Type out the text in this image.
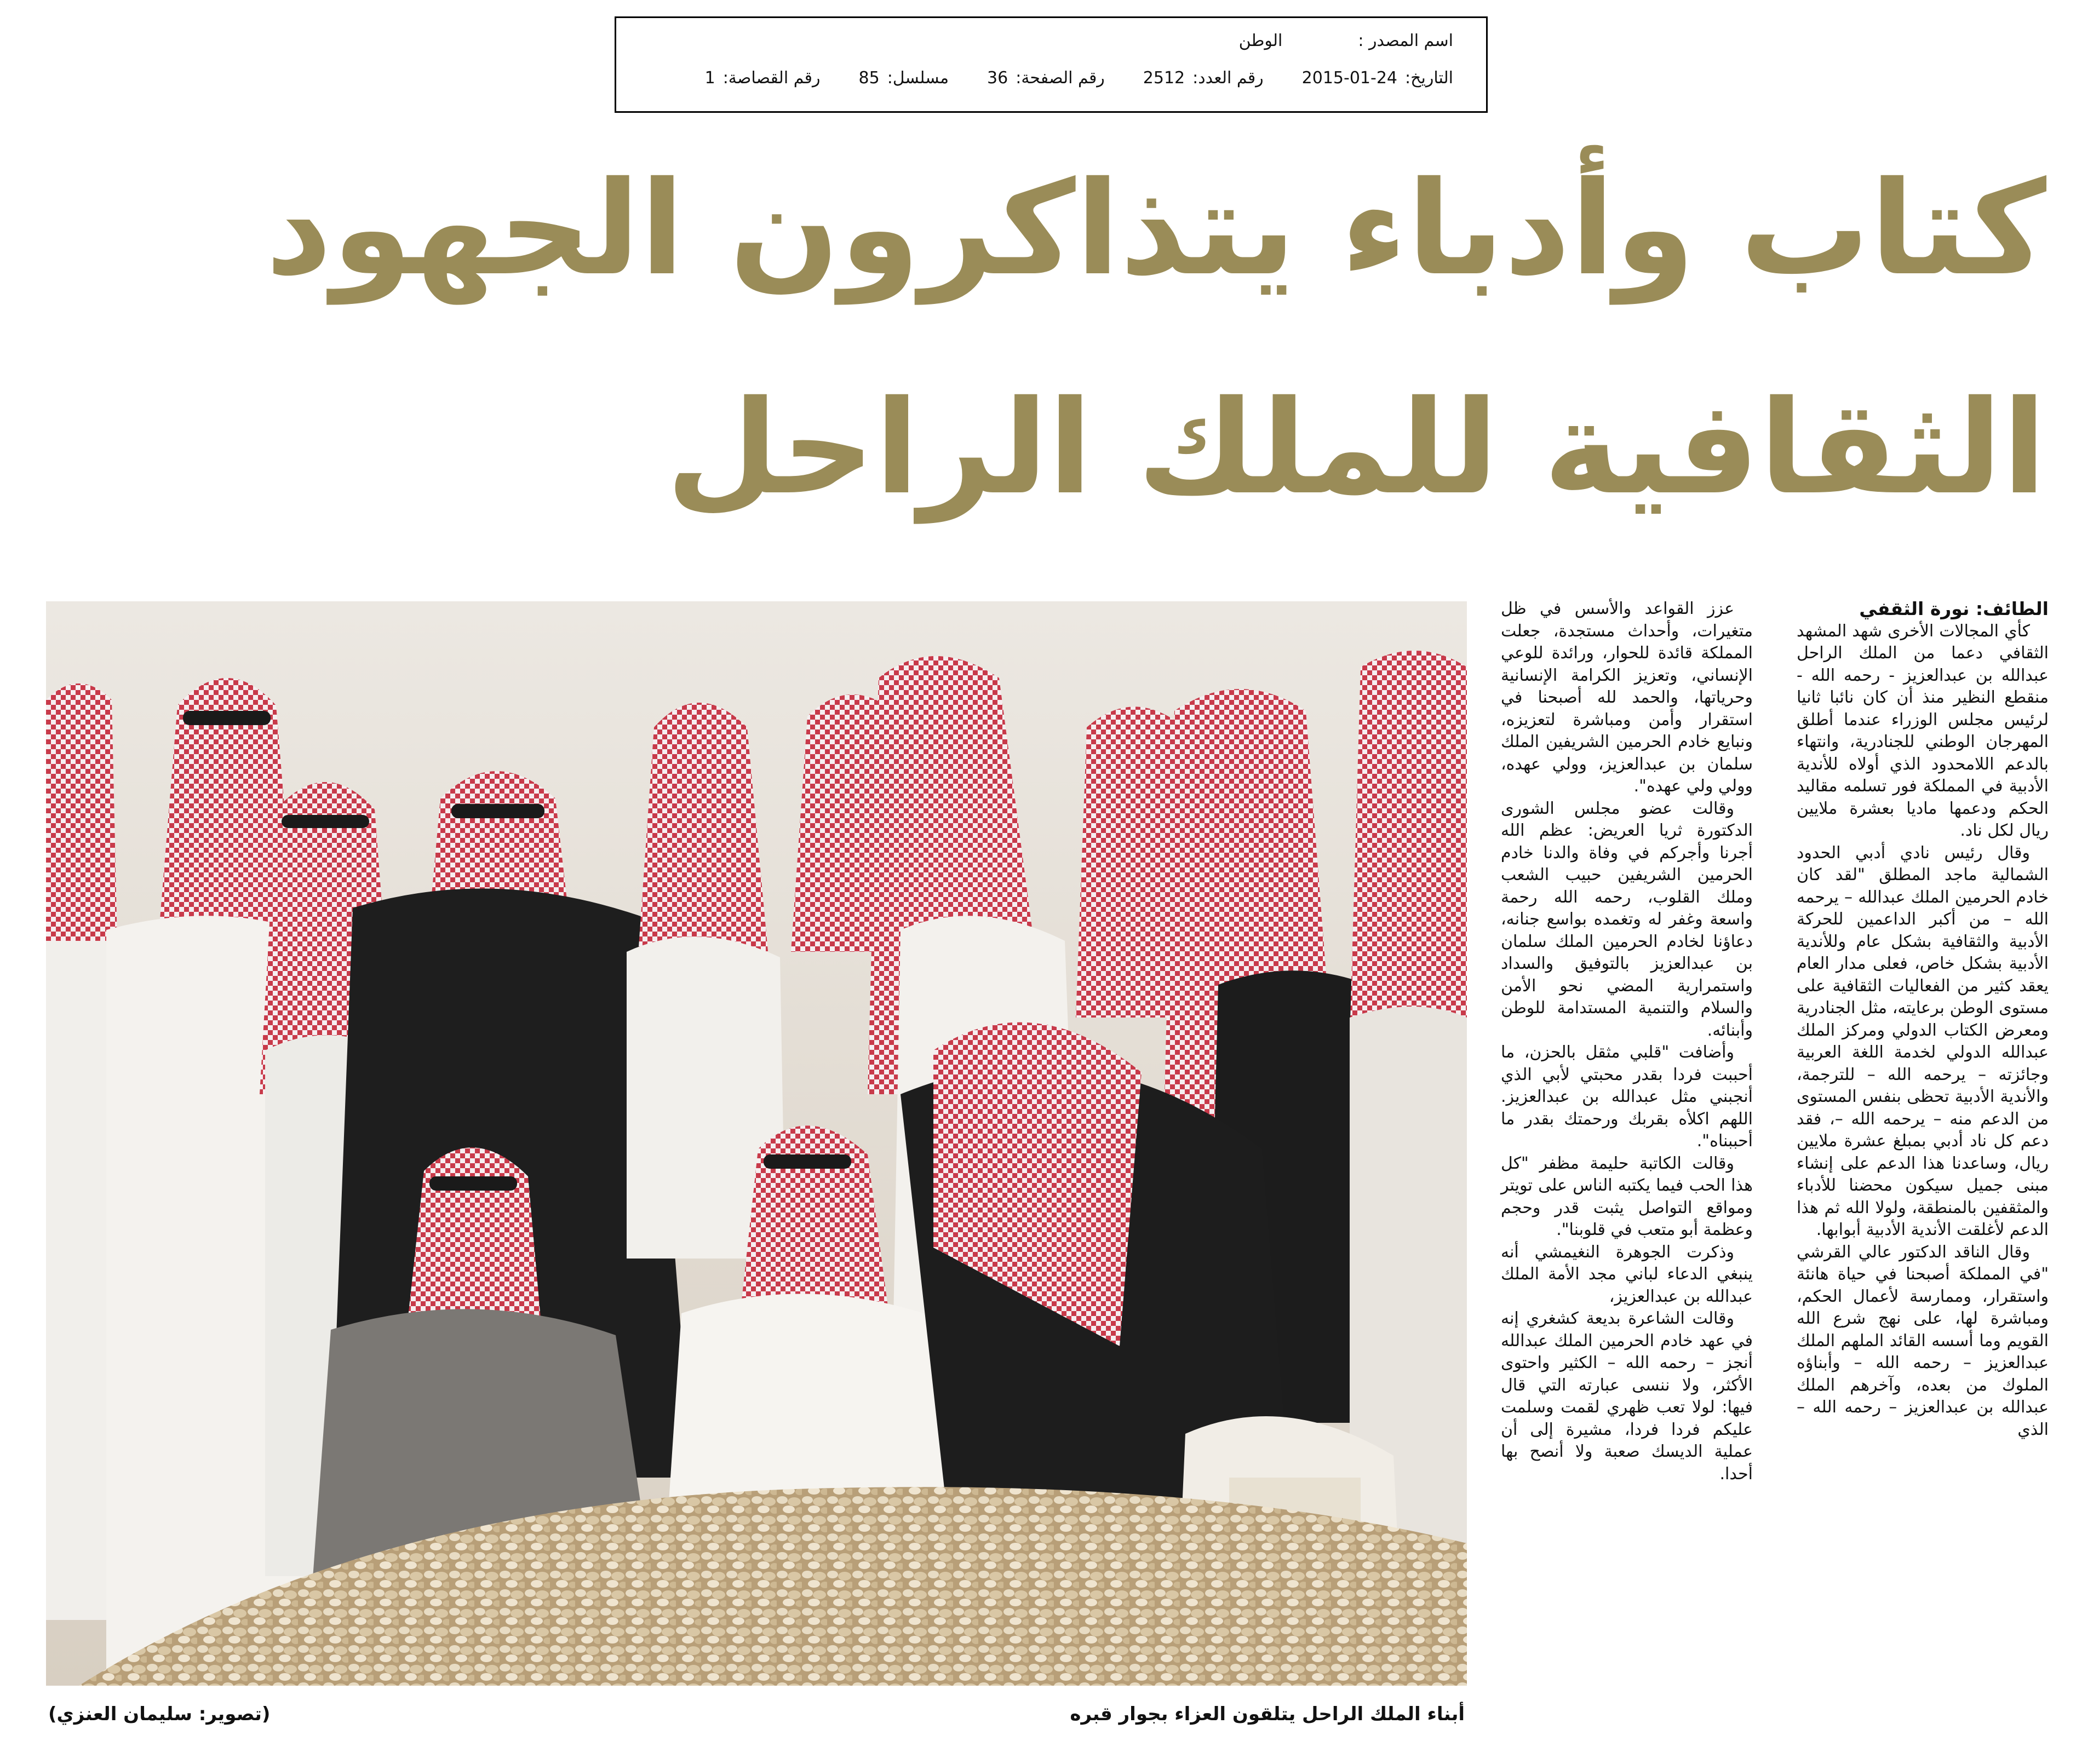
اسم المصدر :
الوطن
التاريخ:
2015-01-24
رقم العدد:
2512
رقم الصفحة:
36
مسلسل:
85
رقم القصاصة:
1
كتاب وأدباء يتذاكرون الجهود
الثقافية للملك الراحل
أبناء الملك الراحل يتلقون العزاء بجوار قبره
(تصوير: سليمان العنزي)

الطائف: نورة الثقفي

كأي المجالات الأخرى شهد المشهد الثقافي دعما من الملك الراحل عبدالله بن عبدالعزيز - رحمه الله - منقطع النظير منذ أن كان نائبا ثانيا لرئيس مجلس الوزراء عندما أطلق المهرجان الوطني للجنادرية، وانتهاء بالدعم اللامحدود الذي أولاه للأندية الأدبية في المملكة فور تسلمه مقاليد الحكم ودعمها ماديا بعشرة ملايين ريال لكل ناد.

وقال رئيس نادي أدبي الحدود الشمالية ماجد المطلق "لقد كان خادم الحرمين الملك عبدالله – يرحمه الله – من أكبر الداعمين للحركة الأدبية والثقافية بشكل عام وللأندية الأدبية بشكل خاص، فعلى مدار العام يعقد كثير من الفعاليات الثقافية على مستوى الوطن برعايته، مثل الجنادرية ومعرض الكتاب الدولي ومركز الملك عبدالله الدولي لخدمة اللغة العربية وجائزته – يرحمه الله – للترجمة، والأندية الأدبية تحظى بنفس المستوى من الدعم منه – يرحمه الله –، فقد دعم كل ناد أدبي بمبلغ عشرة ملايين ريال، وساعدنا هذا الدعم على إنشاء مبنى جميل سيكون محضنا للأدباء والمثقفين بالمنطقة، ولولا الله ثم هذا الدعم لأغلقت الأندية الأدبية أبوابها.

وقال الناقد الدكتور عالي القرشي "في المملكة أصبحنا في حياة هانئة واستقرار، وممارسة لأعمال الحكم، ومباشرة لها، على نهج شرع الله القويم وما أسسه القائد الملهم الملك عبدالعزيز – رحمه الله – وأبناؤه الملوك من بعده، وآخرهم الملك عبدالله بن عبدالعزيز – رحمه الله – الذي

عزز القواعد والأسس في ظل متغيرات، وأحداث مستجدة، جعلت المملكة قائدة للحوار، ورائدة للوعي الإنساني، وتعزيز الكرامة الإنسانية وحرياتها، والحمد لله أصبحنا في استقرار وأمن ومباشرة لتعزيزه، ونبايع خادم الحرمين الشريفين الملك سلمان بن عبدالعزيز، وولي عهده، وولي ولي عهده".

وقالت عضو مجلس الشورى الدكتورة ثريا العريض: عظم الله أجرنا وأجركم في وفاة والدنا خادم الحرمين الشريفين حبيب الشعب وملك القلوب، رحمه الله رحمة واسعة وغفر له وتغمده بواسع جنانه، دعاؤنا لخادم الحرمين الملك سلمان بن عبدالعزيز بالتوفيق والسداد واستمرارية المضي نحو الأمن والسلام والتنمية المستدامة للوطن وأبنائه.

وأضافت "قلبي مثقل بالحزن، ما أحببت فردا بقدر محبتي لأبي الذي أنجبني مثل عبدالله بن عبدالعزيز. اللهم اكلأه بقربك ورحمتك بقدر ما أحببناه".

وقالت الكاتبة حليمة مظفر "كل هذا الحب فيما يكتبه الناس على تويتر ومواقع التواصل يثبت قدر وحجم وعظمة أبو متعب في قلوبنا".

وذكرت الجوهرة النغيمشي أنه ينبغي الدعاء لباني مجد الأمة الملك عبدالله بن عبدالعزيز،

وقالت الشاعرة بديعة كشغري إنه في عهد خادم الحرمين الملك عبدالله أنجز – رحمه الله – الكثير واحتوى الأكثر، ولا ننسى عبارته التي قال فيها: لولا تعب ظهري لقمت وسلمت عليكم فردا فردا، مشيرة إلى أن عملية الديسك صعبة ولا أنصح بها أحدا.
